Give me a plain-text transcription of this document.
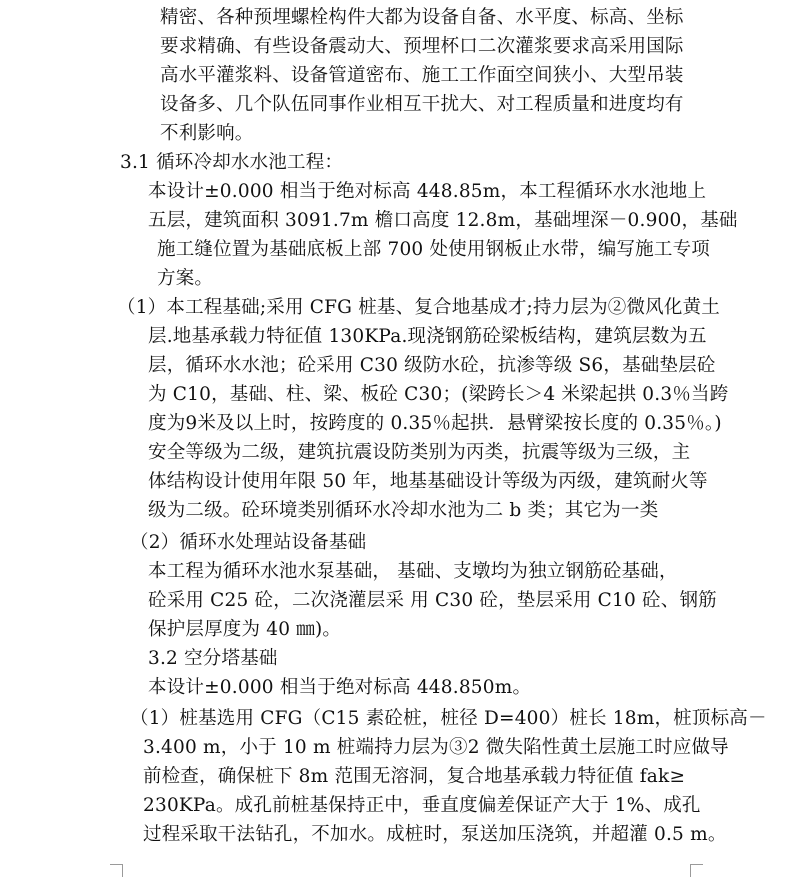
精密、各种预埋螺栓构件大都为设备自备、水平度、标高、坐标
要求精确、有些设备震动大、预埋杯口二次灌浆要求高采用国际
高水平灌浆料、设备管道密布、施工工作面空间狭小、大型吊装
设备多、几个队伍同事作业相互干扰大、对工程质量和进度均有
不利影响。
3.1 循环冷却水水池工程：
本设计±0.000 相当于绝对标高 448.85m，本工程循环水水池地上
五层，建筑面积 3091.7m 檐口高度 12.8m，基础埋深－0.900，基础
施工缝位置为基础底板上部 700 处使用钢板止水带，编写施工专项
方案。
（1）本工程基础;采用 CFG 桩基、复合地基成才;持力层为②微风化黄土
层.地基承载力特征值 130KPa.现浇钢筋砼梁板结构，建筑层数为五
层，循环水水池；砼采用 C30 级防水砼，抗渗等级 S6，基础垫层砼
为 C10，基础、柱、梁、板砼 C30；(梁跨长＞4 米梁起拱 0.3％当跨
度为9米及以上时，按跨度的 0.35％起拱．悬臂梁按长度的 0.35％。)
安全等级为二级，建筑抗震设防类别为丙类，抗震等级为三级，主
体结构设计使用年限 50 年，地基基础设计等级为丙级，建筑耐火等
级为二级。砼环境类别循环水冷却水池为二 b 类；其它为一类
（2）循环水处理站设备基础
本工程为循环水池水泵基础， 基础、支墩均为独立钢筋砼基础，
砼采用 C25 砼，二次浇灌层采 用 C30 砼，垫层采用 C10 砼、钢筋
保护层厚度为 40 ㎜)。
3.2 空分塔基础
本设计±0.000 相当于绝对标高 448.850m。
（1）桩基选用 CFG（C15 素砼桩，桩径 D=400）桩长 18m，桩顶标高－
3.400 m，小于 10 m 桩端持力层为③2 微失陷性黄土层施工时应做导
前检查，确保桩下 8m 范围无溶洞，复合地基承载力特征值 fak≥
230KPa。成孔前桩基保持正中，垂直度偏差保证产大于 1%、成孔
过程采取干法钻孔，不加水。成桩时，泵送加压浇筑，并超灌 0.5 m。
